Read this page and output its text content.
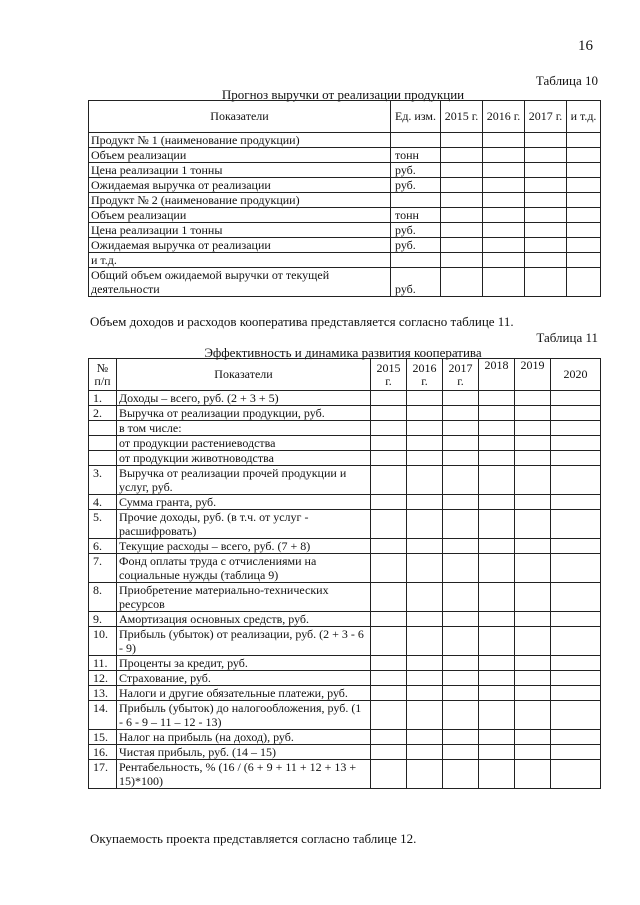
16
Таблица 10
Прогноз выручки от реализации продукции
Показатели	Ед. изм.	2015 г.	2016 г.	2017 г.	и т.д.
Продукт № 1 (наименование продукции)					
Объем реализации	тонн				
Цена реализации 1 тонны	руб.				
Ожидаемая выручка от реализации	руб.				
Продукт № 2 (наименование продукции)					
Объем реализации	тонн				
Цена реализации 1 тонны	руб.				
Ожидаемая выручка от реализации	руб.				
и т.д.					
Общий объем ожидаемой выручки от текущей деятельности	руб.				
Объем доходов и расходов кооператива представляется согласно таблице 11.
Таблица 11
Эффективность и динамика развития кооператива
№ п/п	Показатели	2015 г.	2016 г.	2017 г.	2018	2019	2020
1.	Доходы – всего, руб. (2 + 3 + 5)						
2.	Выручка от реализации продукции, руб.						
	в том числе:						
	от продукции растениеводства						
	от продукции животноводства						
3.	Выручка от реализации прочей продукции и услуг, руб.						
4.	Сумма гранта, руб.						
5.	Прочие доходы, руб. (в т.ч. от услуг - расшифровать)						
6.	Текущие расходы – всего, руб. (7 + 8)						
7.	Фонд оплаты труда с отчислениями на социальные нужды (таблица 9)						
8.	Приобретение материально-технических ресурсов						
9.	Амортизация основных средств, руб.						
10.	Прибыль (убыток) от реализации, руб. (2 + 3 - 6 - 9)						
11.	Проценты за кредит, руб.						
12.	Страхование, руб.						
13.	Налоги и другие обязательные платежи, руб.						
14.	Прибыль (убыток) до налогообложения, руб. (1 - 6 - 9 – 11 – 12 - 13)						
15.	Налог на прибыль (на доход), руб.						
16.	Чистая прибыль, руб. (14 – 15)						
17.	Рентабельность, % (16 / (6 + 9 + 11 + 12 + 13 + 15)*100)						
Окупаемость проекта представляется согласно таблице 12.
